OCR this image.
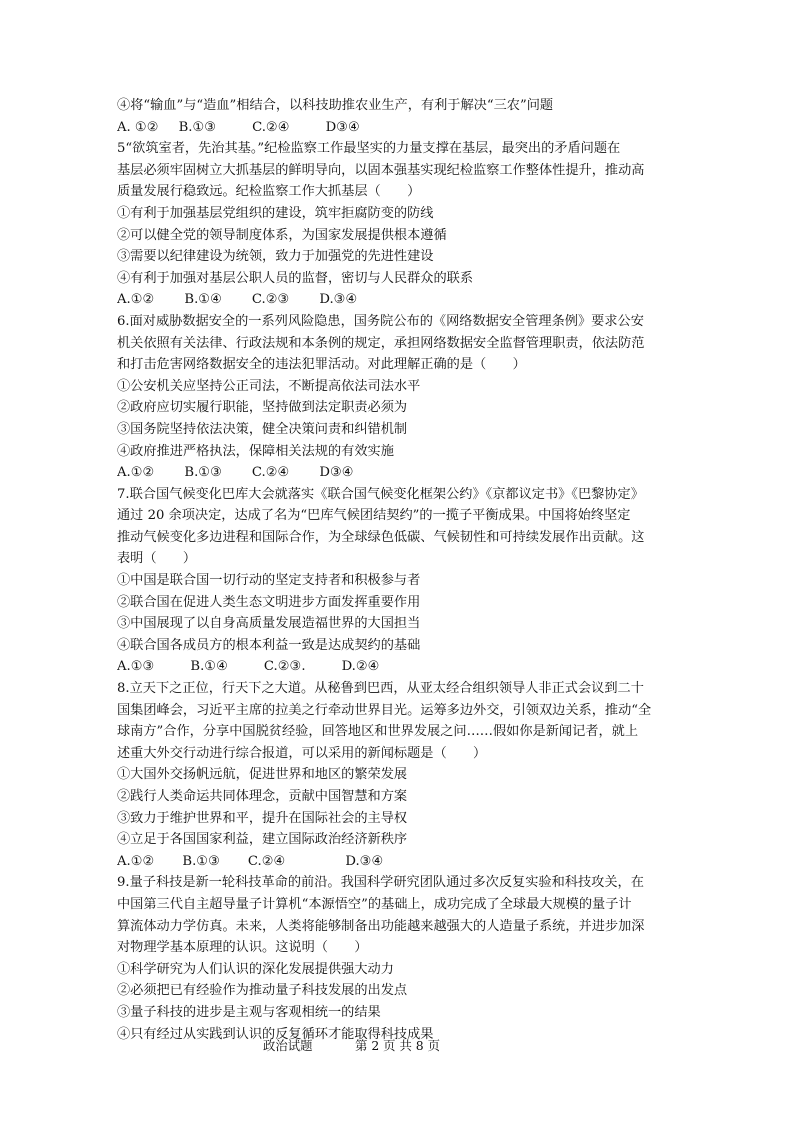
④将“输血”与“造血”相结合，以科技助推农业生产，有利于解决“三农”问题
A. ①② B.①③	C.②④	D③④
5“欲筑室者，先治其基。”纪检监察工作最坚实的力量支撑在基层，最突出的矛盾问题在
基层必须牢固树立大抓基层的鲜明导向，以固本强基实现纪检监察工作整体性提升，推动高
质量发展行稳致远。纪检监察工作大抓基层（　　）
①有利于加强基层党组织的建设，筑牢拒腐防变的防线
②可以健全党的领导制度体系，为国家发展提供根本遵循
③需要以纪律建设为统领，致力于加强党的先进性建设
④有利于加强对基层公职人员的监督，密切与人民群众的联系
A.①② B.①④ C.②③ D.③④
6.面对威胁数据安全的一系列风险隐患，国务院公布的《网络数据安全管理条例》要求公安
机关依照有关法律、行政法规和本条例的规定，承担网络数据安全监督管理职责，依法防范
和打击危害网络数据安全的违法犯罪活动。对此理解正确的是（　　）
①公安机关应坚持公正司法，不断提高依法司法水平
②政府应切实履行职能，坚持做到法定职责必须为
③国务院坚持依法决策，健全决策问责和纠错机制
④政府推进严格执法，保障相关法规的有效实施
A.①② B.①③ C.②④ D③④
7.联合国气候变化巴库大会就落实《联合国气候变化框架公约》《京都议定书》《巴黎协定》
通过 20 余项决定，达成了名为“巴库气候团结契约”的一揽子平衡成果。中国将始终坚定
推动气候变化多边进程和国际合作，为全球绿色低碳、气候韧性和可持续发展作出贡献。这
表明（　　）
①中国是联合国一切行动的坚定支持者和积极参与者
②联合国在促进人类生态文明进步方面发挥重要作用
③中国展现了以自身高质量发展造福世界的大国担当
④联合国各成员方的根本利益一致是达成契约的基础
A.①③	B.①④	C.②③.	D.②④
8.立天下之正位，行天下之大道。从秘鲁到巴西，从亚太经合组织领导人非正式会议到二十
国集团峰会，习近平主席的拉美之行牵动世界目光。运筹多边外交，引领双边关系，推动“全
球南方”合作，分享中国脱贫经验，回答地区和世界发展之问……假如你是新闻记者，就上
述重大外交行动进行综合报道，可以采用的新闻标题是（　　）
①大国外交扬帆远航，促进世界和地区的繁荣发展
②践行人类命运共同体理念，贡献中国智慧和方案
③致力于维护世界和平，提升在国际社会的主导权
④立足于各国国家利益，建立国际政治经济新秩序
A.①② B.①③ C.②④	D.③④
9.量子科技是新一轮科技革命的前沿。我国科学研究团队通过多次反复实验和科技攻关，在
中国第三代自主超导量子计算机“本源悟空”的基础上，成功完成了全球最大规模的量子计
算流体动力学仿真。未来，人类将能够制备出功能越来越强大的人造量子系统，并进步加深
对物理学基本原理的认识。这说明（　　）
①科学研究为人们认识的深化发展提供强大动力
②必须把已有经验作为推动量子科技发展的出发点
③量子科技的进步是主观与客观相统一的结果
④只有经过从实践到认识的反复循环才能取得科技成果
政治试题	第 2 页 共 8 页
